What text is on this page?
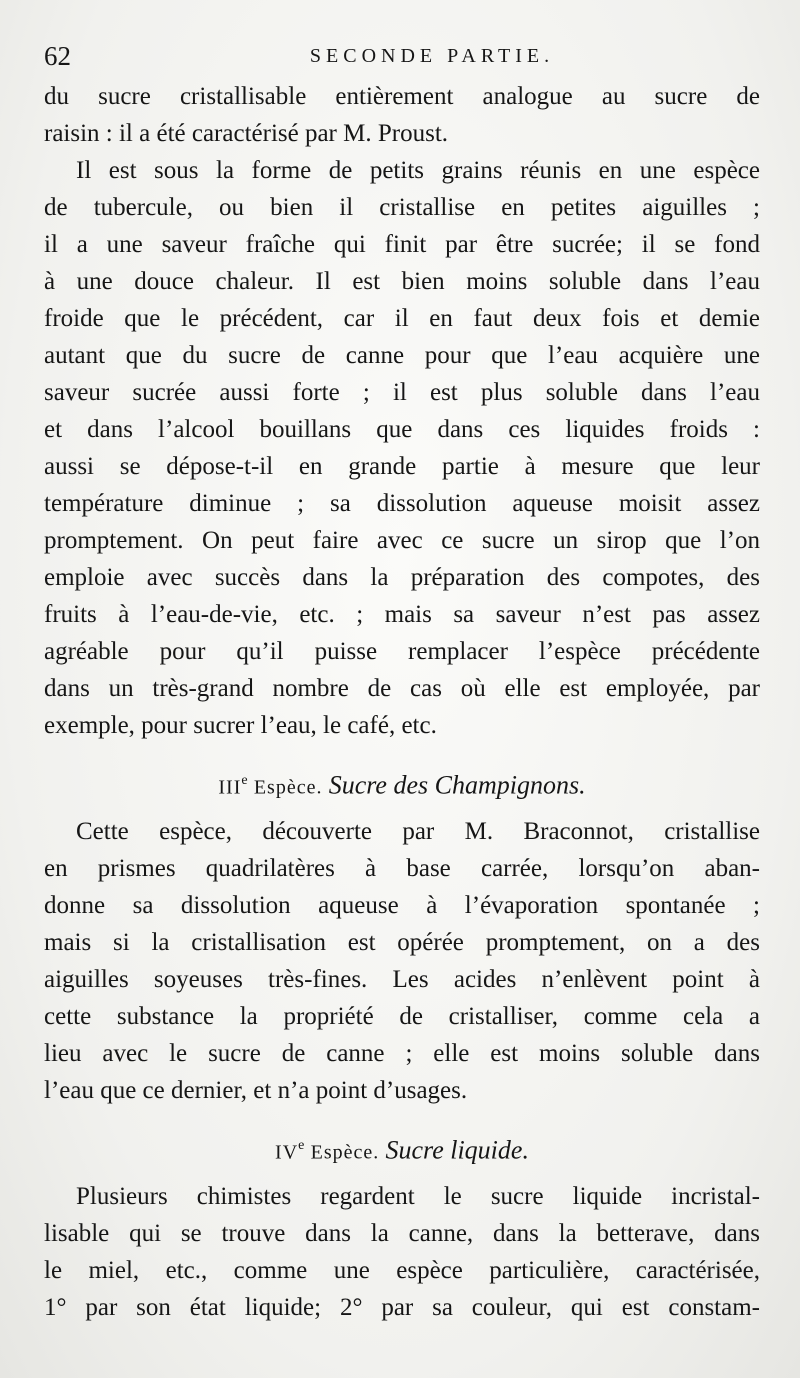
62	SECONDE PARTIE.
du sucre cristallisable entièrement analogue au sucre de
raisin : il a été caractérisé par M. Proust.
Il est sous la forme de petits grains réunis en une espèce
de tubercule, ou bien il cristallise en petites aiguilles ;
il a une saveur fraîche qui finit par être sucrée; il se fond
à une douce chaleur. Il est bien moins soluble dans l’eau
froide que le précédent, car il en faut deux fois et demie
autant que du sucre de canne pour que l’eau acquière une
saveur sucrée aussi forte ; il est plus soluble dans l’eau
et dans l’alcool bouillans que dans ces liquides froids :
aussi se dépose-t-il en grande partie à mesure que leur
température diminue ; sa dissolution aqueuse moisit assez
promptement. On peut faire avec ce sucre un sirop que l’on
emploie avec succès dans la préparation des compotes, des
fruits à l’eau-de-vie, etc. ; mais sa saveur n’est pas assez
agréable pour qu’il puisse remplacer l’espèce précédente
dans un très-grand nombre de cas où elle est employée, par
exemple, pour sucrer l’eau, le café, etc.
IIIe Espèce. Sucre des Champignons.
Cette espèce, découverte par M. Braconnot, cristallise
en prismes quadrilatères à base carrée, lorsqu’on aban-
donne sa dissolution aqueuse à l’évaporation spontanée ;
mais si la cristallisation est opérée promptement, on a des
aiguilles soyeuses très-fines. Les acides n’enlèvent point à
cette substance la propriété de cristalliser, comme cela a
lieu avec le sucre de canne ; elle est moins soluble dans
l’eau que ce dernier, et n’a point d’usages.
IVe Espèce. Sucre liquide.
Plusieurs chimistes regardent le sucre liquide incristal-
lisable qui se trouve dans la canne, dans la betterave, dans
le miel, etc., comme une espèce particulière, caractérisée,
1° par son état liquide; 2° par sa couleur, qui est constam-
